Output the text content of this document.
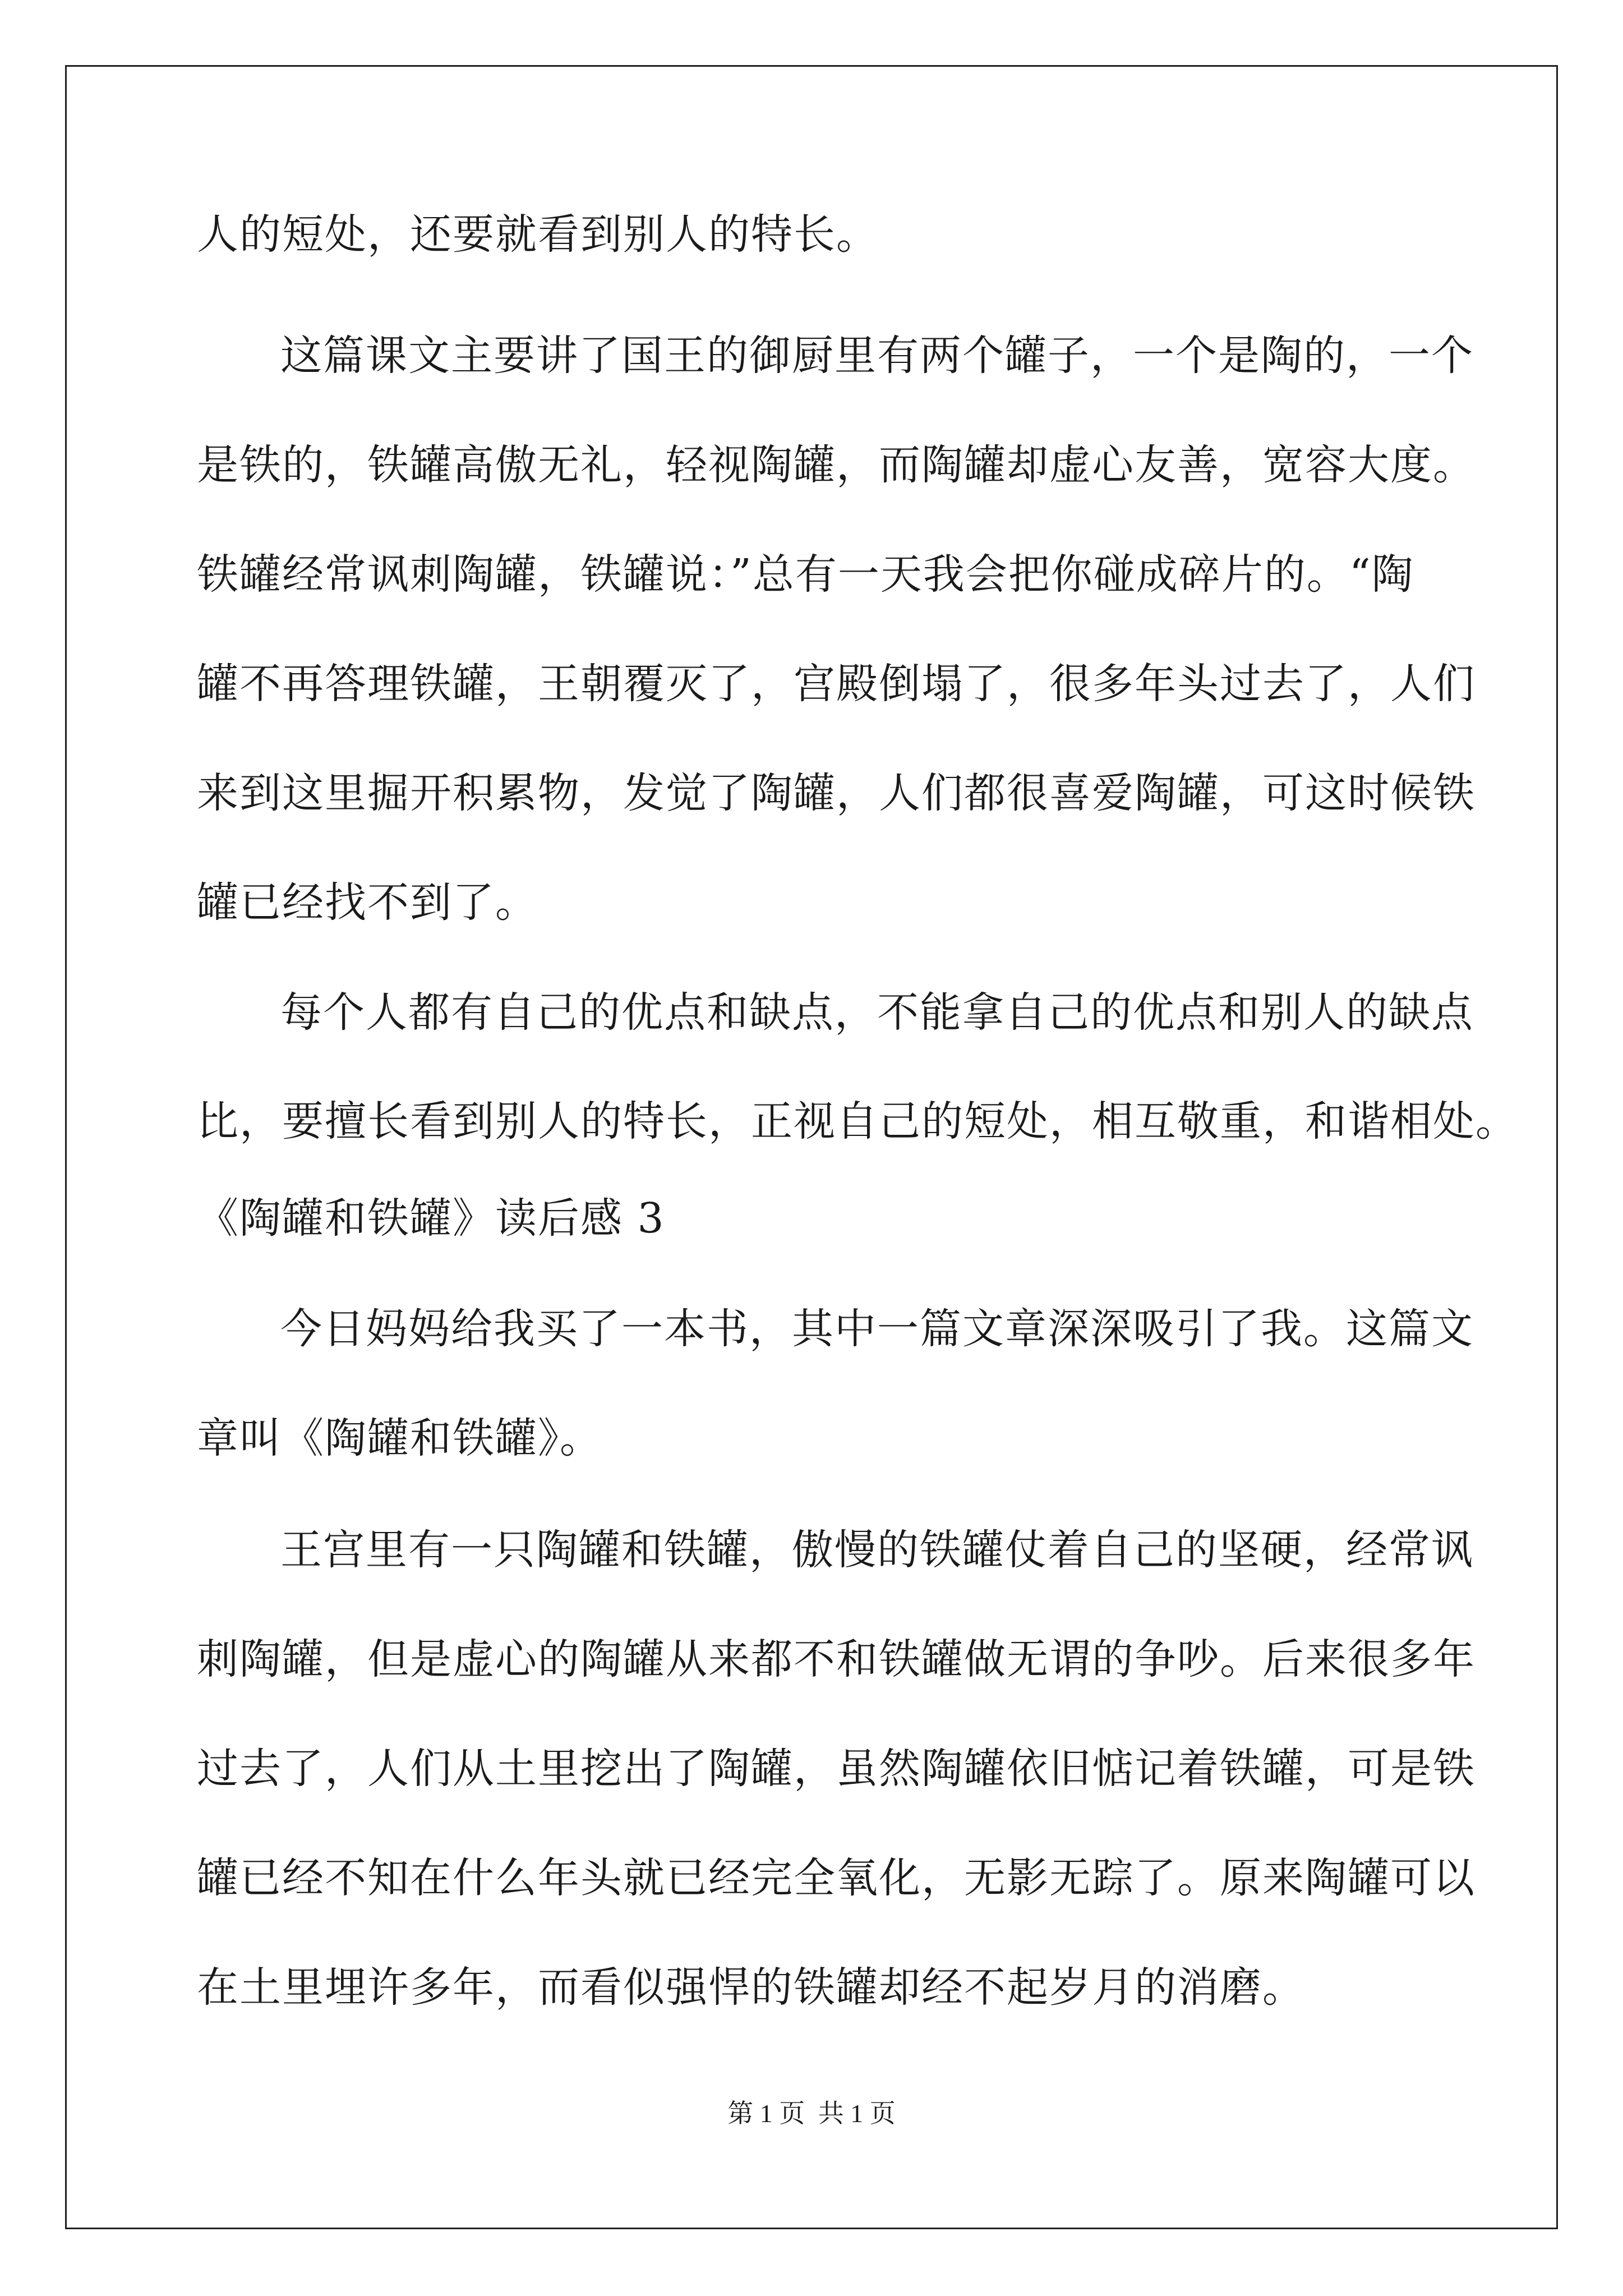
人的短处，还要就看到别人的特长。
这篇课文主要讲了国王的御厨里有两个罐子，一个是陶的，一个
是铁的，铁罐高傲无礼，轻视陶罐，而陶罐却虚心友善，宽容大度。
铁罐经常讽刺陶罐，铁罐说：”总有一天我会把你碰成碎片的。“陶
罐不再答理铁罐，王朝覆灭了，宫殿倒塌了，很多年头过去了，人们
来到这里掘开积累物，发觉了陶罐，人们都很喜爱陶罐，可这时候铁
罐已经找不到了。
每个人都有自己的优点和缺点，不能拿自己的优点和别人的缺点
比，要擅长看到别人的特长，正视自己的短处，相互敬重，和谐相处。
《陶罐和铁罐》读后感 3
今日妈妈给我买了一本书，其中一篇文章深深吸引了我。这篇文
章叫《陶罐和铁罐》。
王宫里有一只陶罐和铁罐，傲慢的铁罐仗着自己的坚硬，经常讽
刺陶罐，但是虚心的陶罐从来都不和铁罐做无谓的争吵。后来很多年
过去了，人们从土里挖出了陶罐，虽然陶罐依旧惦记着铁罐，可是铁
罐已经不知在什么年头就已经完全氧化，无影无踪了。原来陶罐可以
在土里埋许多年，而看似强悍的铁罐却经不起岁月的消磨。
第 1 页 共 1 页
